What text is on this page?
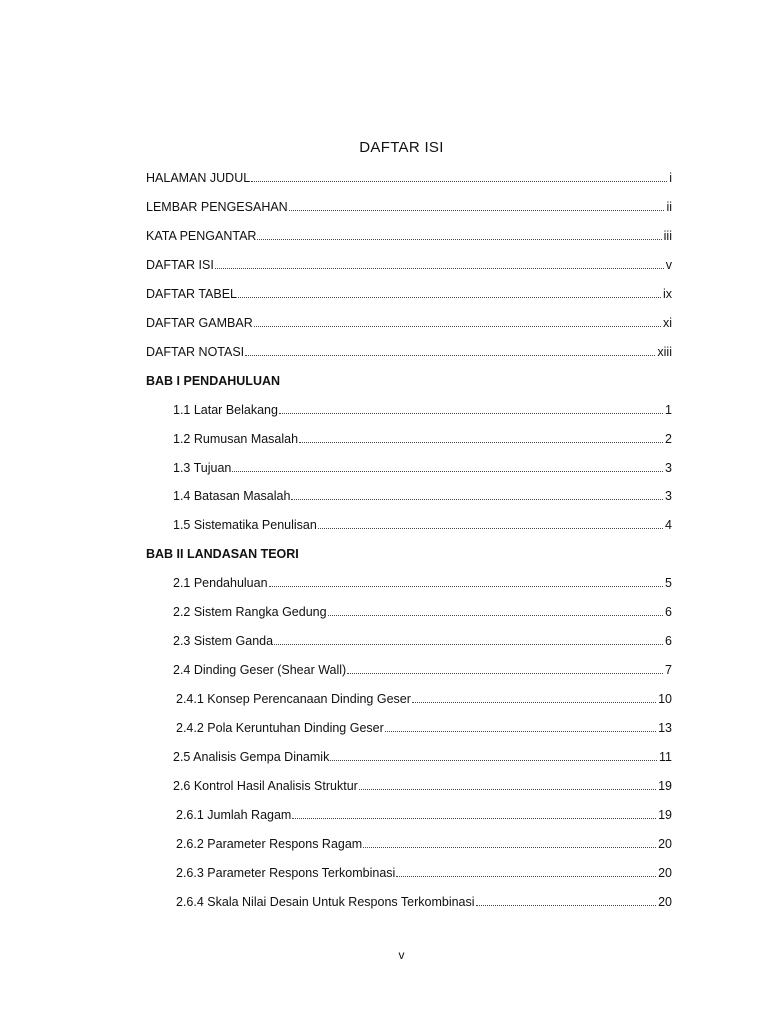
DAFTAR ISI
HALAMAN JUDUL	i
LEMBAR PENGESAHAN	ii
KATA PENGANTAR	iii
DAFTAR ISI	v
DAFTAR TABEL	ix
DAFTAR GAMBAR	xi
DAFTAR NOTASI	xiii
BAB I PENDAHULUAN
1.1 Latar Belakang	1
1.2 Rumusan Masalah	2
1.3 Tujuan	3
1.4 Batasan Masalah	3
1.5 Sistematika Penulisan	4
BAB II LANDASAN TEORI
2.1 Pendahuluan	5
2.2 Sistem Rangka Gedung	6
2.3 Sistem Ganda	6
2.4 Dinding Geser (Shear Wall)	7
2.4.1 Konsep Perencanaan Dinding Geser	10
2.4.2 Pola Keruntuhan Dinding Geser	13
2.5 Analisis Gempa Dinamik	11
2.6 Kontrol Hasil Analisis Struktur	19
2.6.1 Jumlah Ragam	19
2.6.2 Parameter Respons Ragam	20
2.6.3 Parameter Respons Terkombinasi	20
2.6.4 Skala Nilai Desain Untuk Respons Terkombinasi	20
v
